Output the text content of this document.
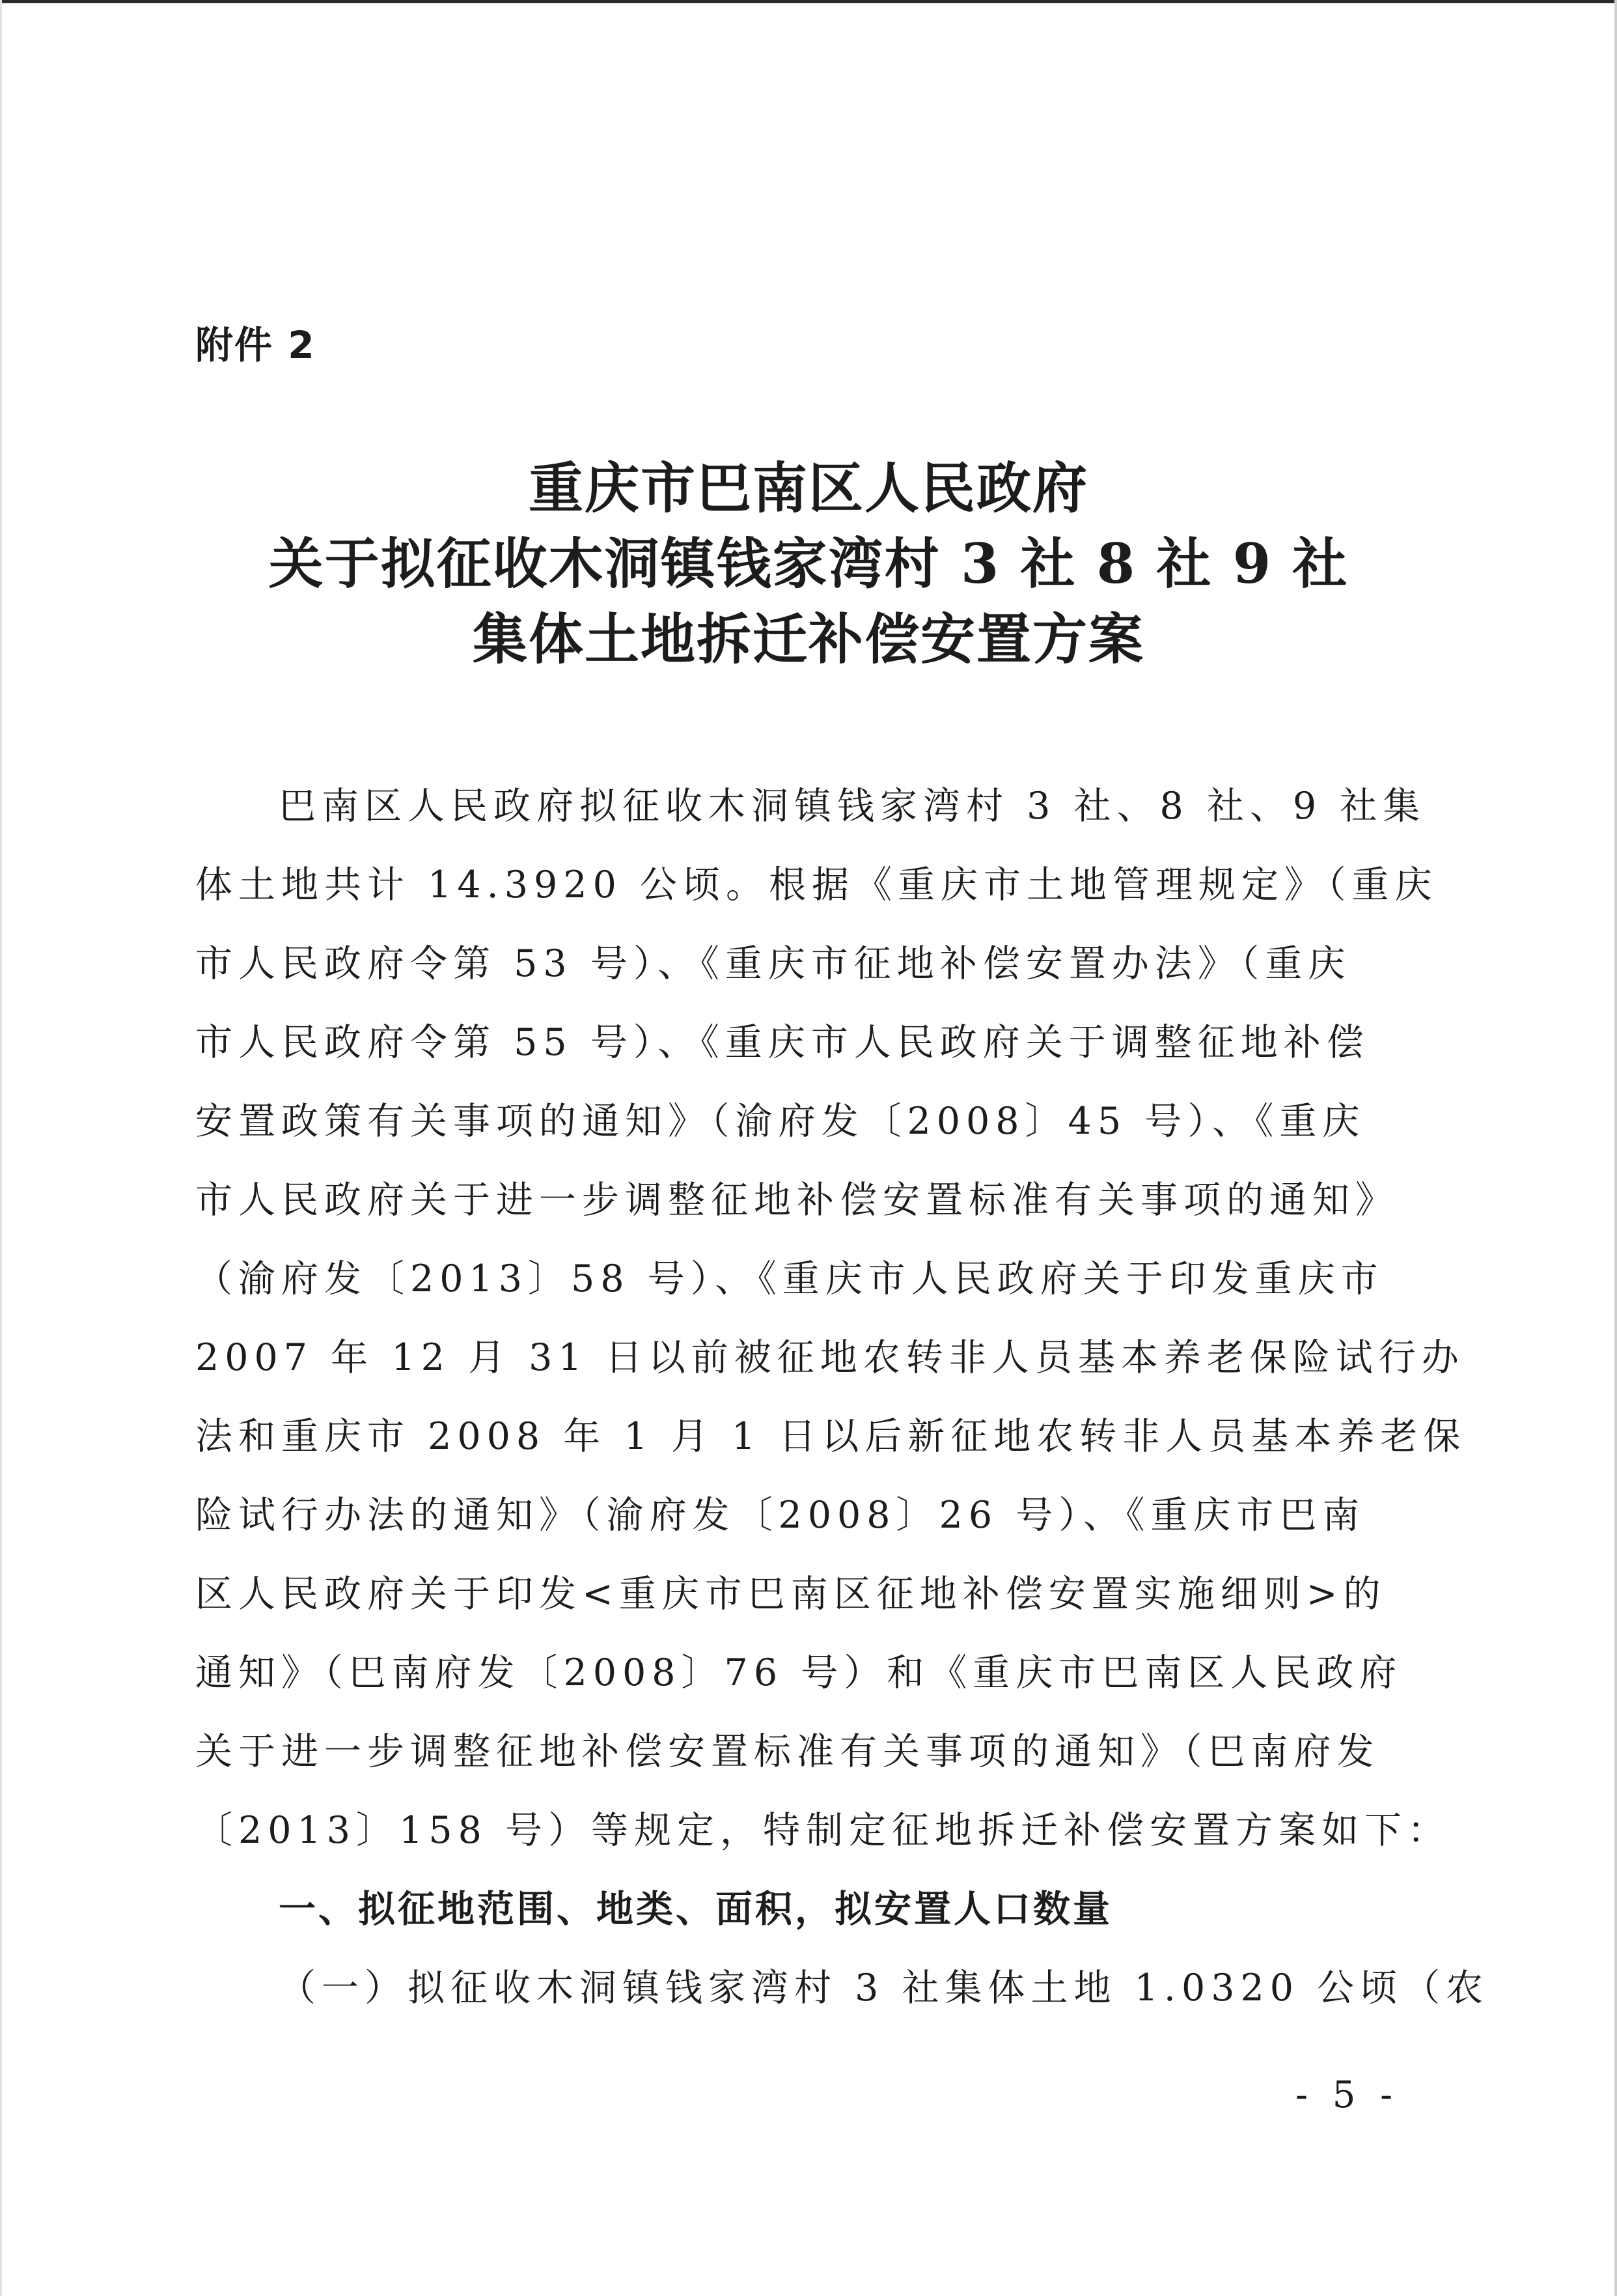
附件 2
重庆市巴南区人民政府
关于拟征收木洞镇钱家湾村 3 社 8 社 9 社
集体土地拆迁补偿安置方案
巴南区人民政府拟征收木洞镇钱家湾村 3 社、8 社、9 社集
体土地共计 14.3920 公顷。根据《重庆市土地管理规定》（重庆
市人民政府令第 53 号）、《重庆市征地补偿安置办法》（重庆
市人民政府令第 55 号）、《重庆市人民政府关于调整征地补偿
安置政策有关事项的通知》（渝府发〔2008〕45 号）、《重庆
市人民政府关于进一步调整征地补偿安置标准有关事项的通知》
（渝府发〔2013〕58 号）、《重庆市人民政府关于印发重庆市
2007 年 12 月 31 日以前被征地农转非人员基本养老保险试行办
法和重庆市 2008 年 1 月 1 日以后新征地农转非人员基本养老保
险试行办法的通知》（渝府发〔2008〕26 号）、《重庆市巴南
区人民政府关于印发<重庆市巴南区征地补偿安置实施细则>的
通知》（巴南府发〔2008〕76 号）和《重庆市巴南区人民政府
关于进一步调整征地补偿安置标准有关事项的通知》（巴南府发
〔2013〕158 号）等规定，特制定征地拆迁补偿安置方案如下：
一、拟征地范围、地类、面积，拟安置人口数量
（一）拟征收木洞镇钱家湾村 3 社集体土地 1.0320 公顷（农
- 5 -
